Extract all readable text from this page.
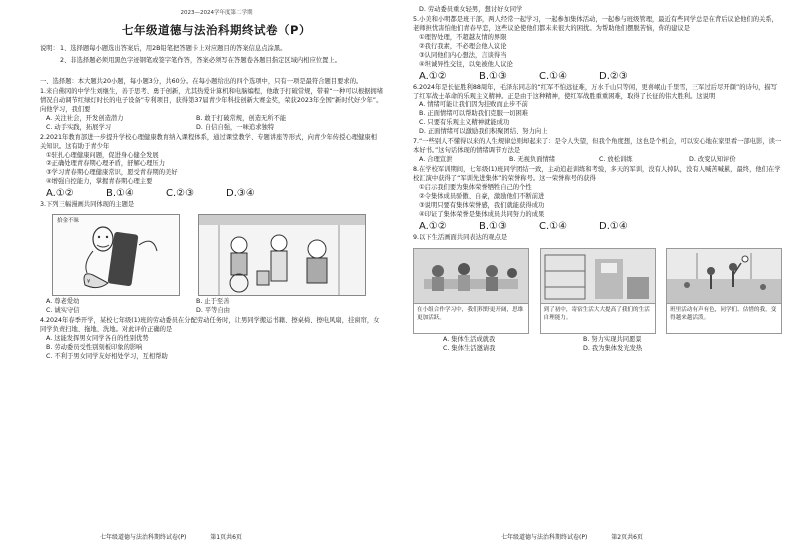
2023—2024学年度第二学期
七年级道德与法治科期终试卷（P）
说明： 1、选择题每小题选出答案后，用2B铅笔把答题卡上对应题目的答案信息点涂黑。

2、非选择题必须用黑色字迹钢笔或签字笔作答，答案必须写在答题卷各题目指定区域内相应位置上。

一、选择题：本大题共20小题，每小题3分，共60分。在每小题给出的四个选项中，只有一项是最符合题目要求的。
1.来自佛冈的中学生刘继生，善于思考、勇于创新，尤其热爱计算机和电脑编程，他敢于打破常规，带着“一种可以根据拥堵情况自动调节红绿灯时长的电子设备”专利项目，获得第37届青少年科技创新大赛金奖，荣获2023年全国“新时代好少年”。向他学习，我们要
A. 关注社会，开发创造潜力	B. 敢于打破常规，创造无所不能
C. 动手实践，拓展学习	D. 自信自强，一味追求独特
2.2021年教育部进一步提升学校心理健康教育纳入课程体系，通过课堂教学、专题讲座等形式，向青少年传授心理健康相关知识。这有助于青少年
①驻扎心理健康问题，促进身心健全发展
②正确处理青春期心理矛盾，舒解心理压力
③学习青春期心理健康常识，愿受青春期的美好
④增强自控能力，掌握青春期心理主要
A.①②	B.①④	C.②③	D.③④
3.下列三幅漫画共同体现的主题是
拾金不昧
¥
A. 尊老爱幼	B. 止于至善
C. 诚实守信	D. 平等自由
4.2024年春季开学，某校七年级(1)班的劳动委员在分配劳动任务时，让男同学搬运书籍、擦桌椅、擦电风扇，挂窗帘，女同学负责扫地、拖地、洗地。对此评价正确的是
A. 这能发挥男女同学各自的性别优势
B. 劳动委员受性别刻板印象的影响
C. 不利于男女同学友好相处学习，互相帮助
七年级道德与法治科期终试卷(P)　　　　第1页共6页
D. 劳动委员重女轻男，想讨好女同学
5.小美和小明都是班干部，两人经常一起学习，一起参加集体活动，一起参与班级管理，最近有些同学总是在背后议论他们的关系，老师担忧害怕他们青春早恋，这些议论使他们都未来很大的困扰。为帮助他们摆脱苦恼，你的建议是
①理智处理，不超越友情的界限
②我行我素，不必理会他人议论
③认同他们内心想法，言谈得当
④坦诚异性交往，以免被他人议论
A.①②	B.①③	C.①④	D.②③
6.2024年是长征胜利88周年，毛泽东同志的“红军不怕远征难，万水千山只等闲，更喜岷山千里雪，三军过后尽开颜”的诗句，描写了红军战士革命的乐观主义精神。正是由于这种精神，使红军战胜重重困难，取得了长征的伟大胜利。这说明
A. 情绪可能让我们因为挂败而止步不前
B. 正面情绪可以帮助我们克服一切困难
C. 只要有乐观主义精神就能成功
D. 正面情绪可以激励我们积聚团结、努力向上
7.“一些别人不懂得以来的人生规律总则却起来了：是令人失望，但我个角度想，这也是个机会，可以安心地在家里看一部电影，读一本好书。”这句话体现的情绪调节方法是
A. 合理宣泄	B. 无视负面情绪	C. 放松训练	D. 改变认知评价
8.在学校军训期间，七年级(1)班同学团结一致，主动追赶训练和考验，多天的军训，没有人掉队，没有人喊苦喊累，最终，他们在学校汇演中获得了“军训先进集体”的荣誉称号。这一荣誉称号的获得
①启示我们要为集体荣誉牺牲自己的个性
②令集体成员骄傲、自豪，激励他们不断前进
③说明只要有集体荣誉感，我们就能获得成功
④印证了集体荣誉是集体成员共同努力的成果
A.①②	B.①③	C.①④	D.①④
9.以下生活画面共同表达的观点是
在小组合作学习中，我们积野更开阔，思维更加活跃。
到了初中，寄宿生活大大提高了我们的生活自理能力。
班里活动有声有色，同学们、估惜的我，变得越来越活泼。
A. 集体生活成就我	B. 努力实现共同愿景
C. 集体生活邀请我	D. 我为集体发光发热
七年级道德与法治科期终试卷(P)　　　　第2页共6页
